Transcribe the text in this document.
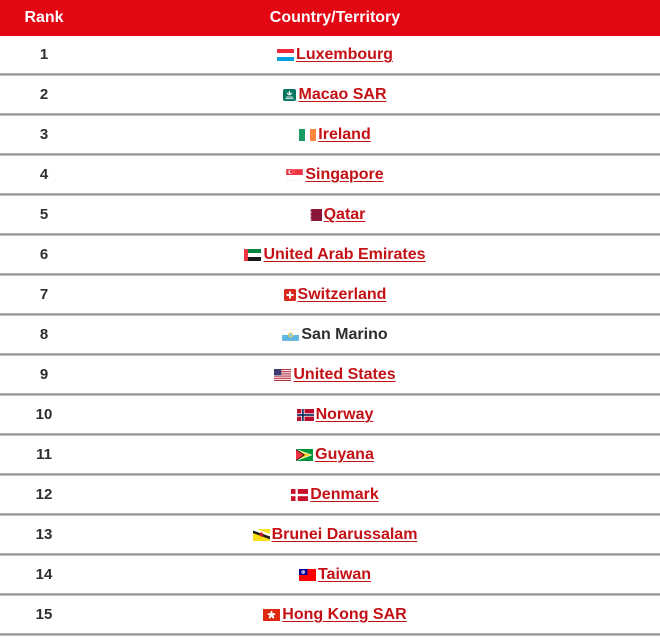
Rank	Country/Territory
1	Luxembourg
2	Macao SAR
3	Ireland
4	Singapore
5	Qatar
6	United Arab Emirates
7	Switzerland
8	San Marino
9	United States
10	Norway
11	Guyana
12	Denmark
13	Brunei Darussalam
14	Taiwan
15	Hong Kong SAR
